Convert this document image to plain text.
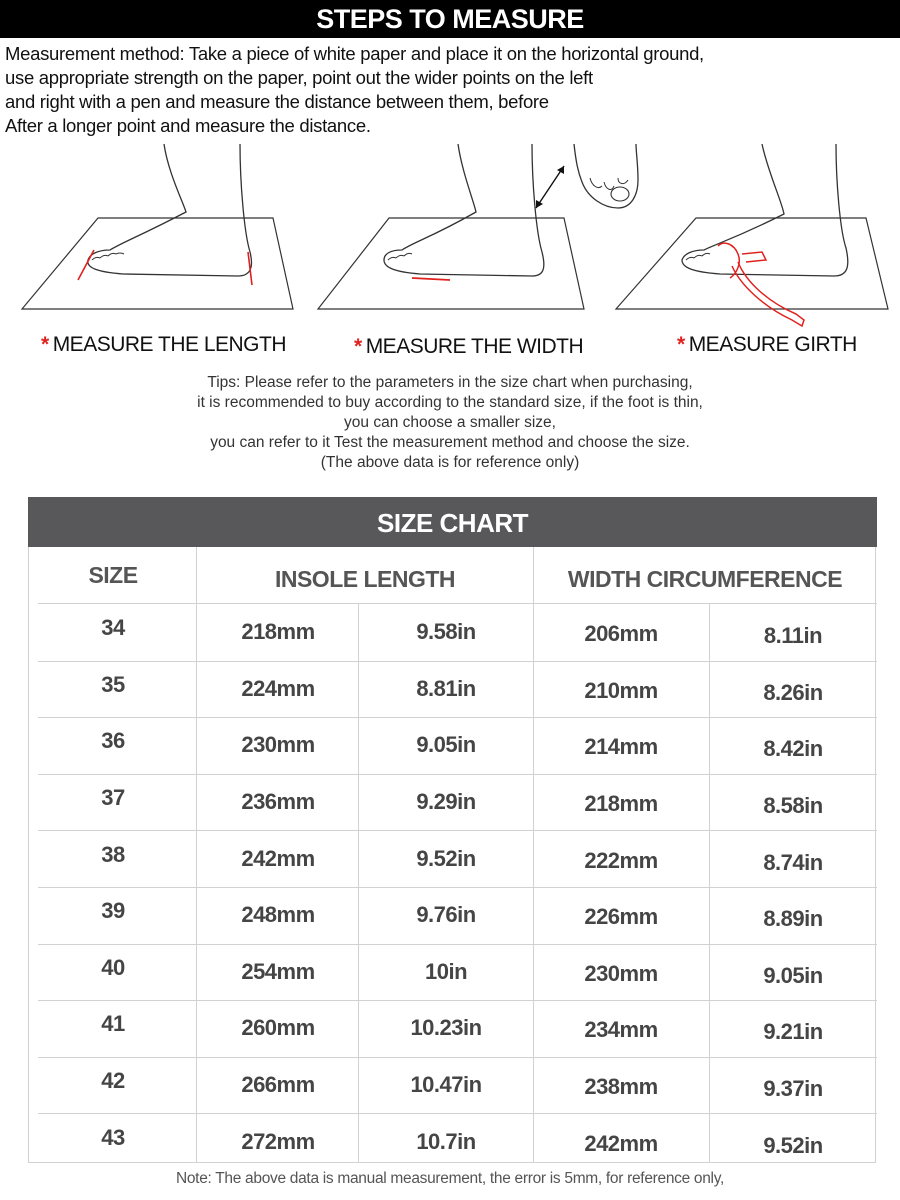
STEPS TO MEASURE
Measurement method: Take a piece of white paper and place it on the horizontal ground,
use appropriate strength on the paper, point out the wider points on the left
and right with a pen and measure the distance between them, before
After a longer point and measure the distance.
* MEASURE THE LENGTH	* MEASURE THE WIDTH	* MEASURE GIRTH
Tips: Please refer to the parameters in the size chart when purchasing,
it is recommended to buy according to the standard size, if the foot is thin,
you can choose a smaller size,
you can refer to it Test the measurement method and choose the size.
(The above data is for reference only)
SIZE CHART
SIZE	INSOLE LENGTH	WIDTH CIRCUMFERENCE
34	218mm	9.58in	206mm	8.11in
35	224mm	8.81in	210mm	8.26in
36	230mm	9.05in	214mm	8.42in
37	236mm	9.29in	218mm	8.58in
38	242mm	9.52in	222mm	8.74in
39	248mm	9.76in	226mm	8.89in
40	254mm	10in	230mm	9.05in
41	260mm	10.23in	234mm	9.21in
42	266mm	10.47in	238mm	9.37in
43	272mm	10.7in	242mm	9.52in
Note: The above data is manual measurement, the error is 5mm, for reference only,
